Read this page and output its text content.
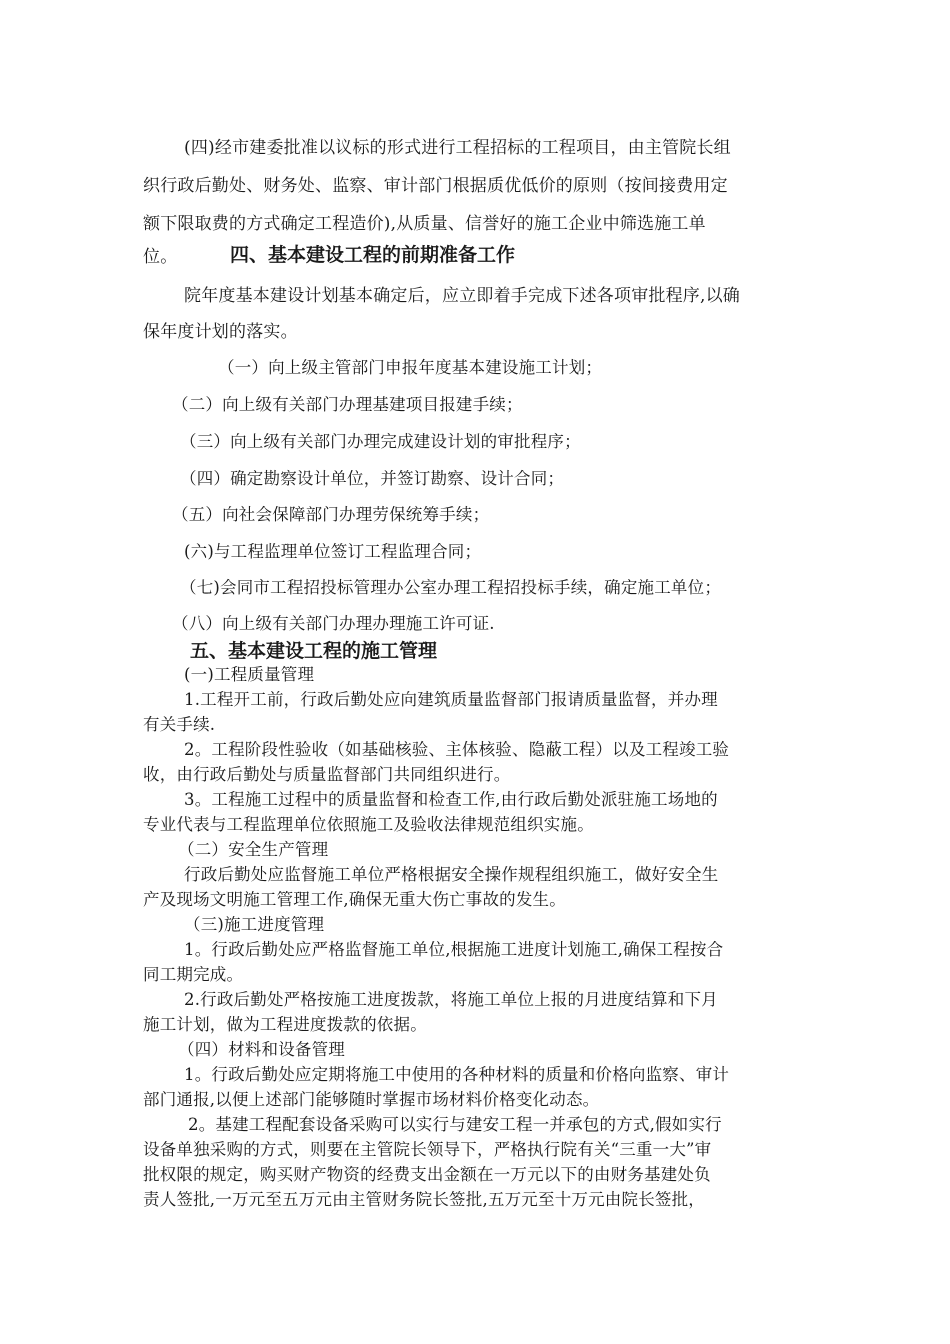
(四)经市建委批准以议标的形式进行工程招标的工程项目，由主管院长组
织行政后勤处、财务处、监察、审计部门根据质优低价的原则（按间接费用定
额下限取费的方式确定工程造价),从质量、信誉好的施工企业中筛选施工单
位。	四、基本建设工程的前期准备工作
院年度基本建设计划基本确定后，应立即着手完成下述各项审批程序,以确
保年度计划的落实。
（一）向上级主管部门申报年度基本建设施工计划；
（二）向上级有关部门办理基建项目报建手续；
（三）向上级有关部门办理完成建设计划的审批程序；
（四）确定勘察设计单位，并签订勘察、设计合同；
（五）向社会保障部门办理劳保统筹手续；
(六)与工程监理单位签订工程监理合同；
（七)会同市工程招投标管理办公室办理工程招投标手续，确定施工单位；
（八）向上级有关部门办理办理施工许可证.
五、基本建设工程的施工管理
(一)工程质量管理
1.工程开工前，行政后勤处应向建筑质量监督部门报请质量监督，并办理
有关手续.
2。工程阶段性验收（如基础核验、主体核验、隐蔽工程）以及工程竣工验
收，由行政后勤处与质量监督部门共同组织进行。
3。工程施工过程中的质量监督和检查工作,由行政后勤处派驻施工场地的
专业代表与工程监理单位依照施工及验收法律规范组织实施。
（二）安全生产管理
行政后勤处应监督施工单位严格根据安全操作规程组织施工，做好安全生
产及现场文明施工管理工作,确保无重大伤亡事故的发生。
（三)施工进度管理
1。行政后勤处应严格监督施工单位,根据施工进度计划施工,确保工程按合
同工期完成。
2.行政后勤处严格按施工进度拨款，将施工单位上报的月进度结算和下月
施工计划，做为工程进度拨款的依据。
（四）材料和设备管理
1。行政后勤处应定期将施工中使用的各种材料的质量和价格向监察、审计
部门通报,以便上述部门能够随时掌握市场材料价格变化动态。
2。基建工程配套设备采购可以实行与建安工程一并承包的方式,假如实行
设备单独采购的方式，则要在主管院长领导下，严格执行院有关“三重一大”审
批权限的规定，购买财产物资的经费支出金额在一万元以下的由财务基建处负
责人签批,一万元至五万元由主管财务院长签批,五万元至十万元由院长签批，
